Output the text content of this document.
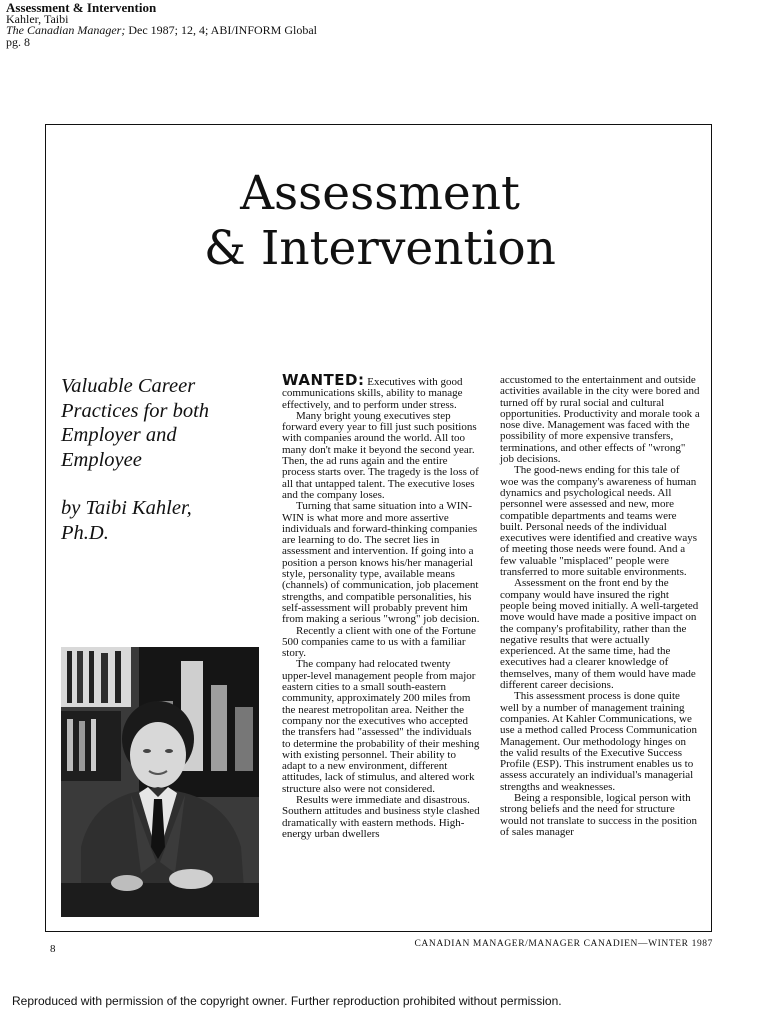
Assessment & Intervention
Kahler, Taibi
The Canadian Manager; Dec 1987; 12, 4; ABI/INFORM Global
pg. 8
Assessment
& Intervention
Valuable Career
Practices for both
Employer and
Employee
by Taibi Kahler,
Ph.D.

WANTED: Executives with good communications skills, ability to manage effectively, and to perform under stress.

Many bright young executives step forward every year to fill just such positions with companies around the world. All too many don't make it beyond the second year. Then, the ad runs again and the entire process starts over. The tragedy is the loss of all that untapped talent. The executive loses and the company loses.

Turning that same situation into a WIN-WIN is what more and more assertive individuals and forward-thinking companies are learning to do. The secret lies in assessment and intervention. If going into a position a person knows his/her managerial style, personality type, available means (channels) of communication, job placement strengths, and compatible personalities, his self-assessment will probably prevent him from making a serious "wrong" job decision.

Recently a client with one of the Fortune 500 companies came to us with a familiar story.

The company had relocated twenty upper-level management people from major eastern cities to a small south-eastern community, approximately 200 miles from the nearest metropolitan area. Neither the company nor the executives who accepted the transfers had "assessed" the individuals to determine the probability of their meshing with existing personnel. Their ability to adapt to a new environment, different attitudes, lack of stimulus, and altered work structure also were not considered.

Results were immediate and disastrous. Southern attitudes and business style clashed dramatically with eastern methods. High-energy urban dwellers

accustomed to the entertainment and outside activities available in the city were bored and turned off by rural social and cultural opportunities. Productivity and morale took a nose dive. Management was faced with the possibility of more expensive transfers, terminations, and other effects of "wrong" job decisions.

The good-news ending for this tale of woe was the company's awareness of human dynamics and psychological needs. All personnel were assessed and new, more compatible departments and teams were built. Personal needs of the individual executives were identified and creative ways of meeting those needs were found. And a few valuable "misplaced" people were transferred to more suitable environments.

Assessment on the front end by the company would have insured the right people being moved initially. A well-targeted move would have made a positive impact on the company's profitability, rather than the negative results that were actually experienced. At the same time, had the executives had a clearer knowledge of themselves, many of them would have made different career decisions.

This assessment process is done quite well by a number of management training companies. At Kahler Communications, we use a method called Process Communication Management. Our methodology hinges on the valid results of the Executive Success Profile (ESP). This instrument enables us to assess accurately an individual's managerial strengths and weaknesses.

Being a responsible, logical person with strong beliefs and the need for structure would not translate to success in the position of sales manager

8	CANADIAN MANAGER/MANAGER CANADIEN—WINTER 1987
Reproduced with permission of the copyright owner. Further reproduction prohibited without permission.
